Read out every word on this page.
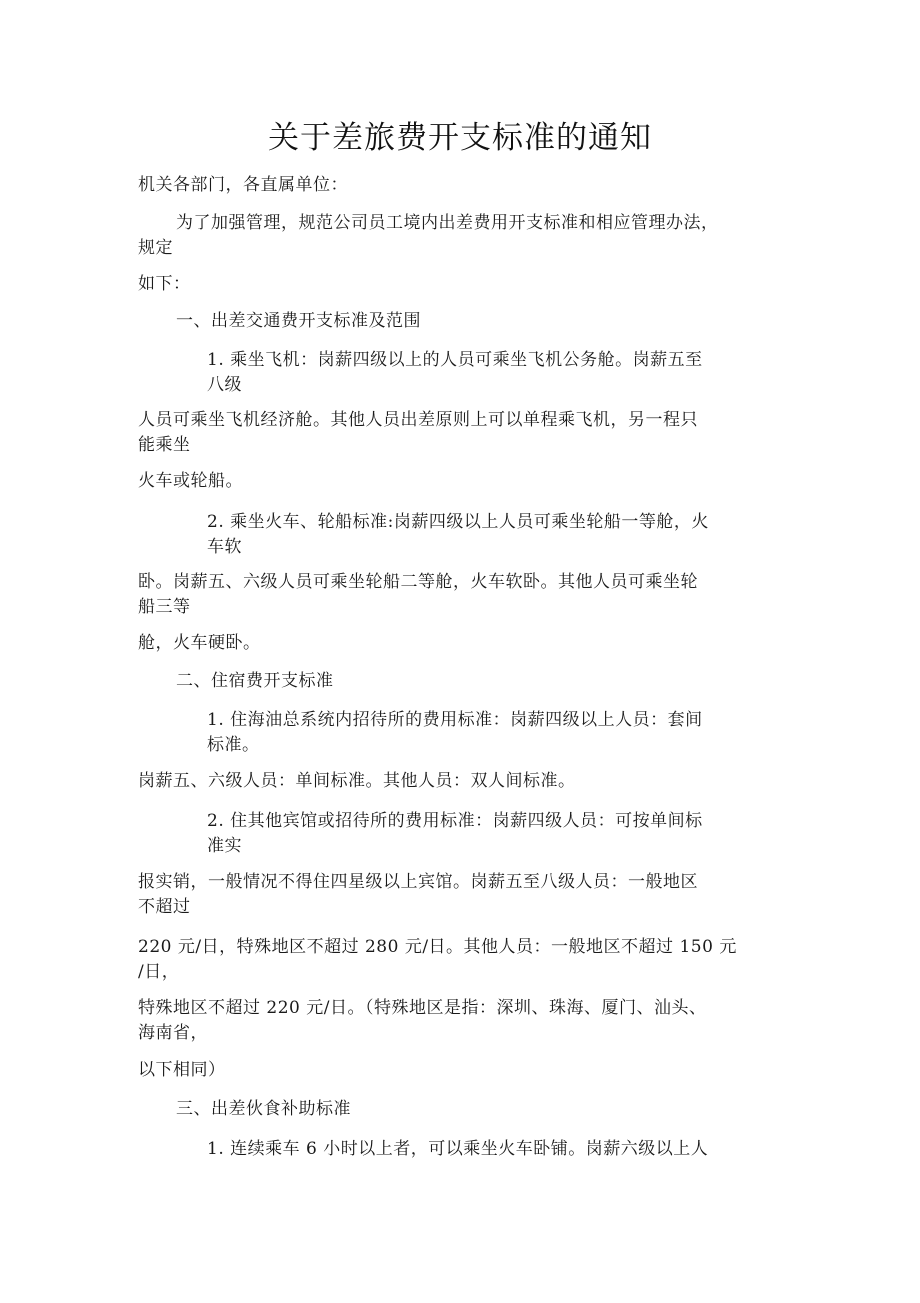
关于差旅费开支标准的通知
机关各部门，各直属单位：
为了加强管理，规范公司员工境内出差费用开支标准和相应管理办法，
规定
如下：
一、出差交通费开支标准及范围
1. 乘坐飞机：岗薪四级以上的人员可乘坐飞机公务舱。岗薪五至
八级
人员可乘坐飞机经济舱。其他人员出差原则上可以单程乘飞机，另一程只
能乘坐
火车或轮船。
2. 乘坐火车、轮船标准:岗薪四级以上人员可乘坐轮船一等舱，火
车软
卧。岗薪五、六级人员可乘坐轮船二等舱，火车软卧。其他人员可乘坐轮
船三等
舱，火车硬卧。
二、住宿费开支标准
1. 住海油总系统内招待所的费用标准：岗薪四级以上人员：套间
标准。
岗薪五、六级人员：单间标准。其他人员：双人间标准。
2. 住其他宾馆或招待所的费用标准：岗薪四级人员：可按单间标
准实
报实销，一般情况不得住四星级以上宾馆。岗薪五至八级人员：一般地区
不超过
220 元/日，特殊地区不超过 280 元/日。其他人员：一般地区不超过 150 元
/日，
特殊地区不超过 220 元/日。（特殊地区是指：深圳、珠海、厦门、汕头、
海南省，
以下相同）
三、出差伙食补助标准
1. 连续乘车 6 小时以上者，可以乘坐火车卧铺。岗薪六级以上人
